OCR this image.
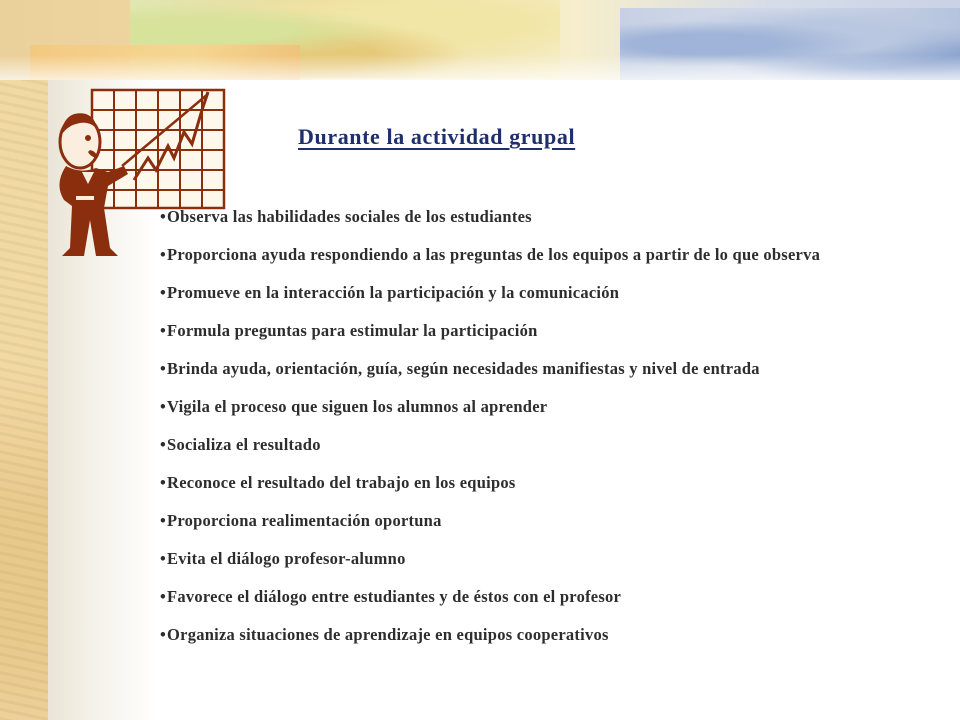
Durante la actividad grupal
•Observa las habilidades sociales de los estudiantes
•Proporciona ayuda respondiendo a las preguntas de los equipos a partir de lo que observa
•Promueve en la interacción la participación y la comunicación
•Formula preguntas para estimular la participación
•Brinda ayuda, orientación, guía, según necesidades manifiestas y nivel de entrada
•Vigila el proceso que siguen los alumnos al aprender
•Socializa el resultado
•Reconoce el resultado del trabajo en los equipos
•Proporciona realimentación oportuna
•Evita el diálogo profesor-alumno
•Favorece el diálogo entre estudiantes y de éstos con el profesor
•Organiza situaciones de aprendizaje en equipos cooperativos
